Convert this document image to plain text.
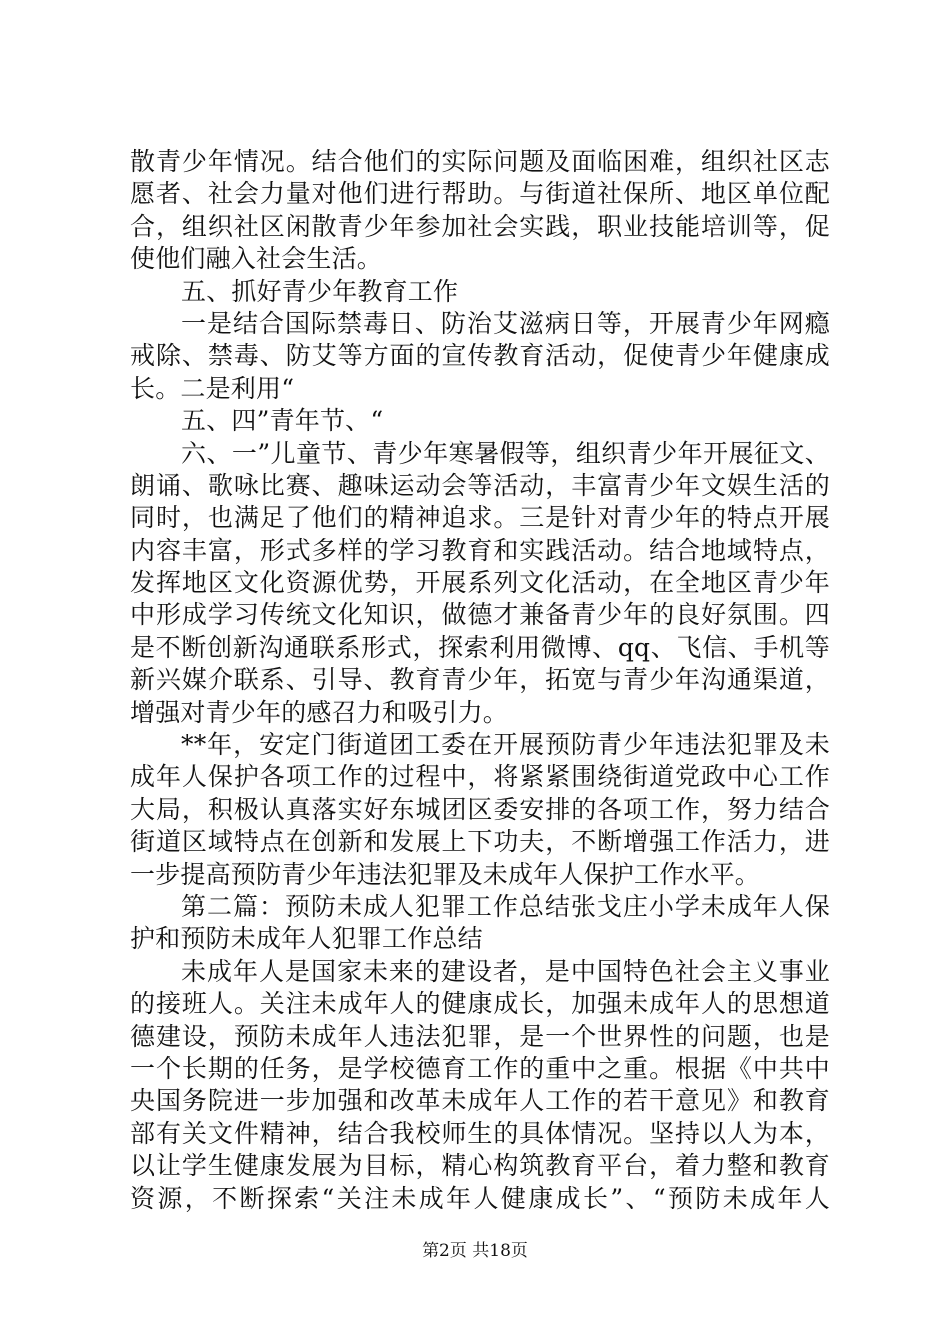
散青少年情况。结合他们的实际问题及面临困难，组织社区志
愿者、社会力量对他们进行帮助。与街道社保所、地区单位配
合，组织社区闲散青少年参加社会实践，职业技能培训等，促
使他们融入社会生活。
五、抓好青少年教育工作
一是结合国际禁毒日、防治艾滋病日等，开展青少年网瘾
戒除、禁毒、防艾等方面的宣传教育活动，促使青少年健康成
长。二是利用“
五、四”青年节、“
六、一”儿童节、青少年寒暑假等，组织青少年开展征文、
朗诵、歌咏比赛、趣味运动会等活动，丰富青少年文娱生活的
同时，也满足了他们的精神追求。三是针对青少年的特点开展
内容丰富，形式多样的学习教育和实践活动。结合地域特点，
发挥地区文化资源优势，开展系列文化活动，在全地区青少年
中形成学习传统文化知识，做德才兼备青少年的良好氛围。四
是不断创新沟通联系形式，探索利用微博、qq、飞信、手机等
新兴媒介联系、引导、教育青少年，拓宽与青少年沟通渠道，
增强对青少年的感召力和吸引力。
**年，安定门街道团工委在开展预防青少年违法犯罪及未
成年人保护各项工作的过程中，将紧紧围绕街道党政中心工作
大局，积极认真落实好东城团区委安排的各项工作，努力结合
街道区域特点在创新和发展上下功夫，不断增强工作活力，进
一步提高预防青少年违法犯罪及未成年人保护工作水平。
第二篇：预防未成人犯罪工作总结张戈庄小学未成年人保
护和预防未成年人犯罪工作总结
未成年人是国家未来的建设者，是中国特色社会主义事业
的接班人。关注未成年人的健康成长，加强未成年人的思想道
德建设，预防未成年人违法犯罪，是一个世界性的问题，也是
一个长期的任务，是学校德育工作的重中之重。根据《中共中
央国务院进一步加强和改革未成年人工作的若干意见》和教育
部有关文件精神，结合我校师生的具体情况。坚持以人为本，
以让学生健康发展为目标，精心构筑教育平台，着力整和教育
资源，不断探索“关注未成年人健康成长”、“预防未成年人
第2页 共18页
